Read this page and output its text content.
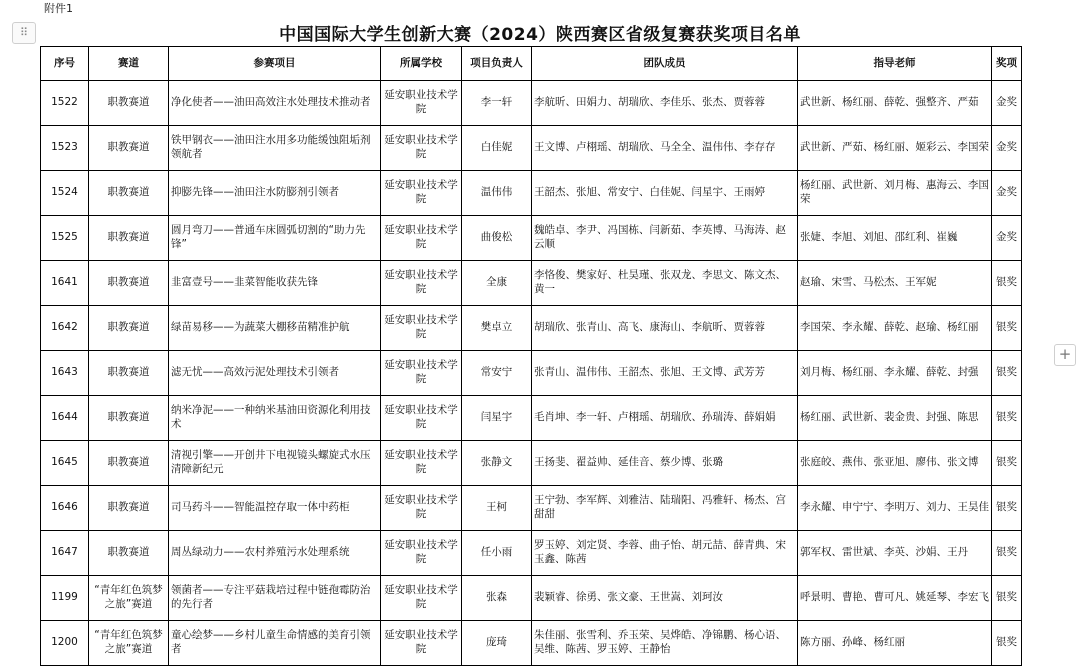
附件1
⠿
+
中国国际大学生创新大赛（2024）陕西赛区省级复赛获奖项目名单
序号	赛道	参赛项目	所属学校	项目负责人	团队成员	指导老师	奖项
1522	职教赛道	净化使者——油田高效注水处理技术推动者	延安职业技术学院	李一轩	李航昕、田娟力、胡瑞欣、李佳乐、张杰、贾蓉蓉	武世新、杨红丽、薛乾、强整齐、严茹	金奖
1523	职教赛道	铁甲钢衣——油田注水用多功能缓蚀阻垢剂领航者	延安职业技术学院	白佳妮	王文博、卢栩瑶、胡瑞欣、马全全、温伟伟、李存存	武世新、严茹、杨红丽、姬彩云、李国荣	金奖
1524	职教赛道	抑膨先锋——油田注水防膨剂引领者	延安职业技术学院	温伟伟	王韶杰、张旭、常安宁、白佳妮、闫星宇、王雨婷	杨红丽、武世新、刘月梅、惠海云、李国荣	金奖
1525	职教赛道	圆月弯刀——普通车床圆弧切割的“助力先锋”	延安职业技术学院	曲俊松	魏皓卓、李尹、冯国栋、闫新茹、李英博、马海涛、赵云顺	张婕、李旭、刘旭、邵红利、崔巍	金奖
1641	职教赛道	韭富壹号——韭菜智能收获先锋	延安职业技术学院	全康	李恪俊、樊家好、杜昊瑾、张双龙、李思文、陈文杰、黄一	赵瑜、宋雪、马松杰、王军妮	银奖
1642	职教赛道	绿苗易移——为蔬菜大棚移苗精准护航	延安职业技术学院	樊卓立	胡瑞欣、张青山、高飞、康海山、李航昕、贾蓉蓉	李国荣、李永耀、薛乾、赵瑜、杨红丽	银奖
1643	职教赛道	滤无忧——高效污泥处理技术引领者	延安职业技术学院	常安宁	张青山、温伟伟、王韶杰、张旭、王文博、武芳芳	刘月梅、杨红丽、李永耀、薛乾、封强	银奖
1644	职教赛道	纳米净泥——一种纳米基油田资源化利用技术	延安职业技术学院	闫星宇	毛肖坤、李一轩、卢栩瑶、胡瑞欣、孙瑞涛、薛娟娟	杨红丽、武世新、裴金贵、封强、陈思	银奖
1645	职教赛道	清视引擎——开创井下电视镜头螺旋式水压清障新纪元	延安职业技术学院	张静文	王扬斐、翟益帅、延佳音、蔡少博、张璐	张庭皎、燕伟、张亚旭、廖伟、张文博	银奖
1646	职教赛道	司马药斗——智能温控存取一体中药柜	延安职业技术学院	王柯	王宁勃、李军辉、刘雅洁、陆瑞阳、冯雅轩、杨杰、宫甜甜	李永耀、申宁宁、李明万、刘力、王昊佳	银奖
1647	职教赛道	周丛绿动力——农村养殖污水处理系统	延安职业技术学院	任小雨	罗玉婷、刘定贤、李蓉、曲子怡、胡元喆、薛青典、宋玉鑫、陈茜	郭军权、雷世斌、李英、沙娟、王丹	银奖
1199	“青年红色筑梦之旅”赛道	领菌者——专注平菇栽培过程中链孢霉防治的先行者	延安职业技术学院	张森	裴颖睿、徐勇、张文豪、王世嵩、刘珂汝	呼景明、曹艳、曹可凡、姚延琴、李宏飞	银奖
1200	“青年红色筑梦之旅”赛道	童心绘梦——乡村儿童生命情感的美育引领者	延安职业技术学院	庞琦	朱佳丽、张雪利、乔玉荣、吴烨皓、净锦鹏、杨心语、吴维、陈茜、罗玉婷、王静怡	陈方丽、孙峰、杨红丽	银奖
